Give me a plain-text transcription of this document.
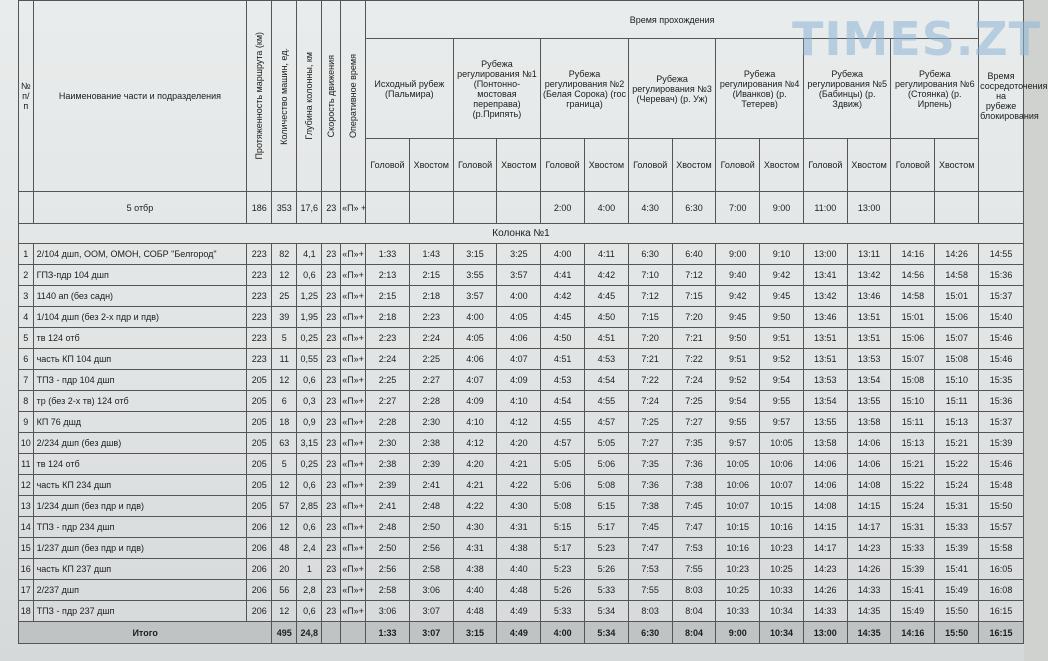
№ п/п	Наименование части и подразделения	Протяженность маршрута (км)	Количество машин, ед.	Глубина колонны, км	Скорость движения	Оперативное время	Время прохождения														Время сосредоточения на рубеже блокирования
							Исходный рубеж (Пальмира)		Рубежа регулирования №1 (Понтонно-мостовая переправа) (р.Припять)		Рубежа регулирования №2 (Белая Сорока) (гос граница)		Рубежа регулирования №3 (Черевач) (р. Уж)		Рубежа регулирования №4 (Иванков) (р. Тетерев)		Рубежа регулирования №5 (Бабинцы) (р. Здвиж)		Рубежа регулирования №6 (Стоянка) (р. Ирпень)		
							Головой	Хвостом	Головой	Хвостом	Головой	Хвостом	Головой	Хвостом	Головой	Хвостом	Головой	Хвостом	Головой	Хвостом	
	5 отбр	186	353	17,6	23	«П» +					2:00	4:00	4:30	6:30	7:00	9:00	11:00	13:00			
Колонка №1																					
1	2/104 дшп, ООМ, ОМОН, СОБР "Белгород"	223	82	4,1	23	«П»+	1:33	1:43	3:15	3:25	4:00	4:11	6:30	6:40	9:00	9:10	13:00	13:11	14:16	14:26	14:55
2	ГПЗ-пдр 104 дшп	223	12	0,6	23	«П»+	2:13	2:15	3:55	3:57	4:41	4:42	7:10	7:12	9:40	9:42	13:41	13:42	14:56	14:58	15:36
3	1140 ап (без садн)	223	25	1,25	23	«П»+	2:15	2:18	3:57	4:00	4:42	4:45	7:12	7:15	9:42	9:45	13:42	13:46	14:58	15:01	15:37
4	1/104 дшп (без 2-х пдр и пдв)	223	39	1,95	23	«П»+	2:18	2:23	4:00	4:05	4:45	4:50	7:15	7:20	9:45	9:50	13:46	13:51	15:01	15:06	15:40
5	тв 124 отб	223	5	0,25	23	«П»+	2:23	2:24	4:05	4:06	4:50	4:51	7:20	7:21	9:50	9:51	13:51	13:51	15:06	15:07	15:46
6	часть КП 104 дшп	223	11	0,55	23	«П»+	2:24	2:25	4:06	4:07	4:51	4:53	7:21	7:22	9:51	9:52	13:51	13:53	15:07	15:08	15:46
7	ТПЗ - пдр 104 дшп	205	12	0,6	23	«П»+	2:25	2:27	4:07	4:09	4:53	4:54	7:22	7:24	9:52	9:54	13:53	13:54	15:08	15:10	15:35
8	тр (без 2-х тв) 124 отб	205	6	0,3	23	«П»+	2:27	2:28	4:09	4:10	4:54	4:55	7:24	7:25	9:54	9:55	13:54	13:55	15:10	15:11	15:36
9	КП 76 дшд	205	18	0,9	23	«П»+	2:28	2:30	4:10	4:12	4:55	4:57	7:25	7:27	9:55	9:57	13:55	13:58	15:11	15:13	15:37
10	2/234 дшп (без дшв)	205	63	3,15	23	«П»+	2:30	2:38	4:12	4:20	4:57	5:05	7:27	7:35	9:57	10:05	13:58	14:06	15:13	15:21	15:39
11	тв 124 отб	205	5	0,25	23	«П»+	2:38	2:39	4:20	4:21	5:05	5:06	7:35	7:36	10:05	10:06	14:06	14:06	15:21	15:22	15:46
12	часть КП 234 дшп	205	12	0,6	23	«П»+	2:39	2:41	4:21	4:22	5:06	5:08	7:36	7:38	10:06	10:07	14:06	14:08	15:22	15:24	15:48
13	1/234 дшп (без пдр и пдв)	205	57	2,85	23	«П»+	2:41	2:48	4:22	4:30	5:08	5:15	7:38	7:45	10:07	10:15	14:08	14:15	15:24	15:31	15:50
14	ТПЗ - пдр 234 дшп	206	12	0,6	23	«П»+	2:48	2:50	4:30	4:31	5:15	5:17	7:45	7:47	10:15	10:16	14:15	14:17	15:31	15:33	15:57
15	1/237 дшп (без пдр и пдв)	206	48	2,4	23	«П»+	2:50	2:56	4:31	4:38	5:17	5:23	7:47	7:53	10:16	10:23	14:17	14:23	15:33	15:39	15:58
16	часть КП 237 дшп	206	20	1	23	«П»+	2:56	2:58	4:38	4:40	5:23	5:26	7:53	7:55	10:23	10:25	14:23	14:26	15:39	15:41	16:05
17	2/237 дшп	206	56	2,8	23	«П»+	2:58	3:06	4:40	4:48	5:26	5:33	7:55	8:03	10:25	10:33	14:26	14:33	15:41	15:49	16:08
18	ТПЗ - пдр 237 дшп	206	12	0,6	23	«П»+	3:06	3:07	4:48	4:49	5:33	5:34	8:03	8:04	10:33	10:34	14:33	14:35	15:49	15:50	16:15
Итого			495	24,8			1:33	3:07	3:15	4:49	4:00	5:34	6:30	8:04	9:00	10:34	13:00	14:35	14:16	15:50	16:15
TIMES.ZT
